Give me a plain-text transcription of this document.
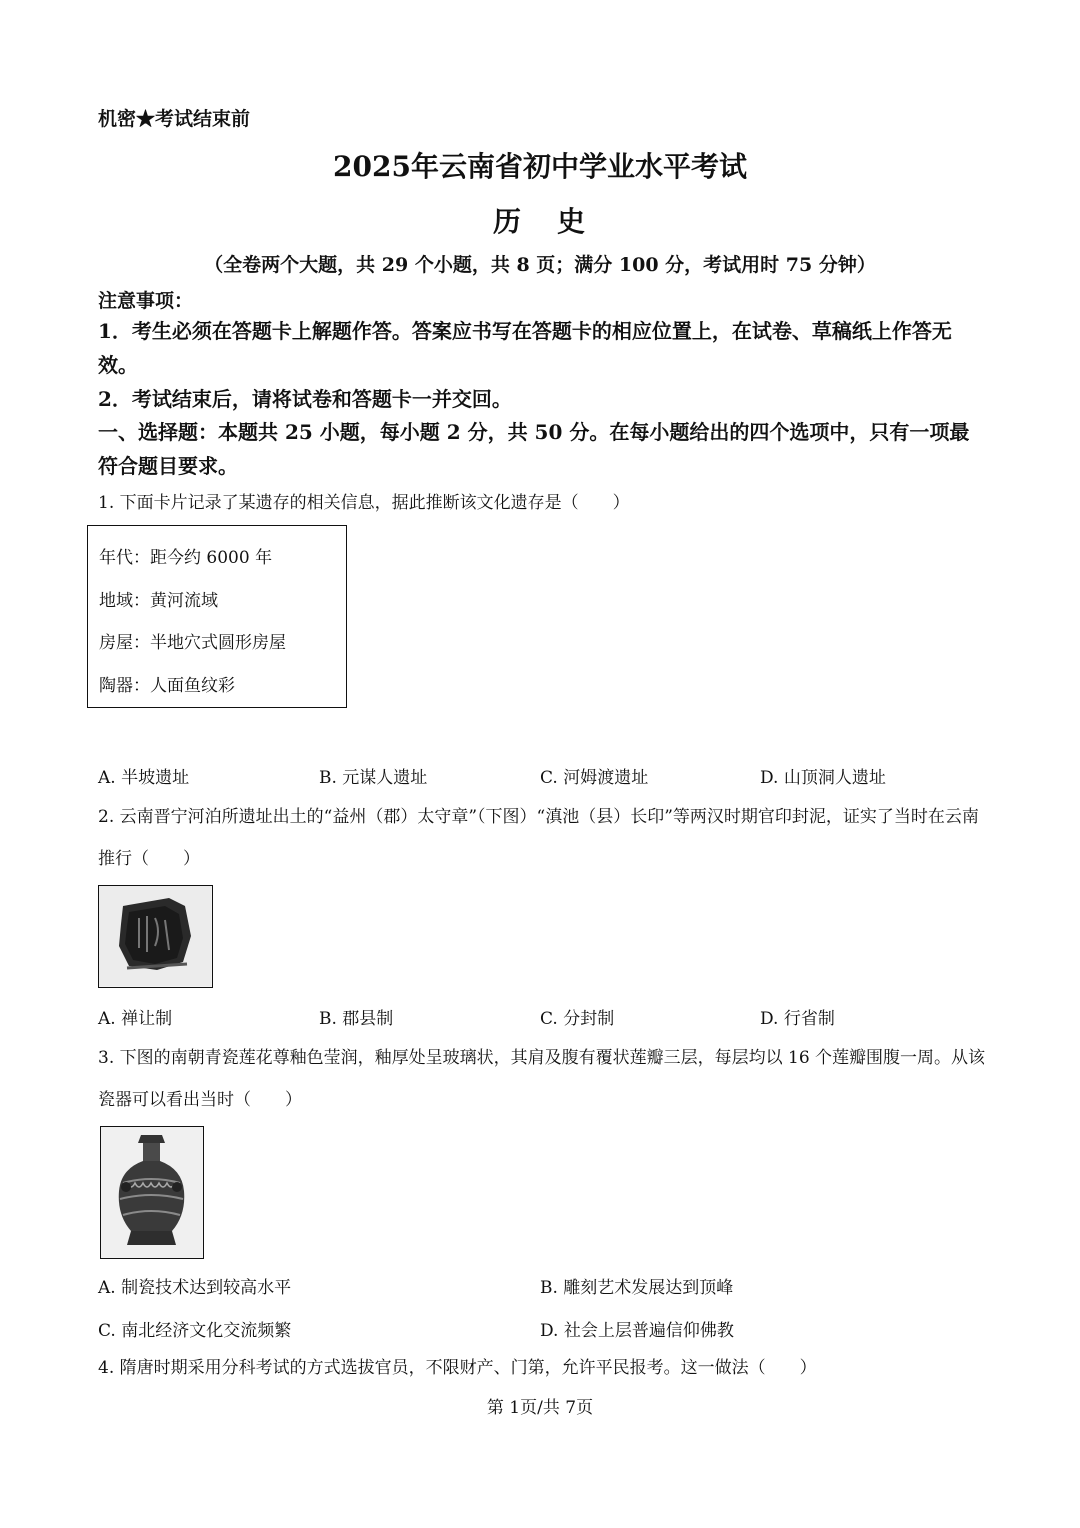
机密★考试结束前
2025年云南省初中学业水平考试
历 史
（全卷两个大题，共 29 个小题，共 8 页；满分 100 分，考试用时 75 分钟）
注意事项：
1．考生必须在答题卡上解题作答。答案应书写在答题卡的相应位置上，在试卷、草稿纸上作答无效。
2．考试结束后，请将试卷和答题卡一并交回。
一、选择题：本题共 25 小题，每小题 2 分，共 50 分。在每小题给出的四个选项中，只有一项最符合题目要求。
1. 下面卡片记录了某遗存的相关信息，据此推断该文化遗存是（　　）
年代：距今约 6000 年
地域：黄河流域
房屋：半地穴式圆形房屋
陶器：人面鱼纹彩
A. 半坡遗址	B. 元谋人遗址	C. 河姆渡遗址	D. 山顶洞人遗址
2. 云南晋宁河泊所遗址出土的“益州（郡）太守章”（下图）“滇池（县）长印”等两汉时期官印封泥，证实了当时在云南推行（　　）
A. 禅让制	B. 郡县制	C. 分封制	D. 行省制
3. 下图的南朝青瓷莲花尊釉色莹润，釉厚处呈玻璃状，其肩及腹有覆状莲瓣三层，每层均以 16 个莲瓣围腹一周。从该瓷器可以看出当时（　　）
A. 制瓷技术达到较高水平	B. 雕刻艺术发展达到顶峰
C. 南北经济文化交流频繁	D. 社会上层普遍信仰佛教
4. 隋唐时期采用分科考试的方式选拔官员，不限财产、门第，允许平民报考。这一做法（　　）
第 1页/共 7页
